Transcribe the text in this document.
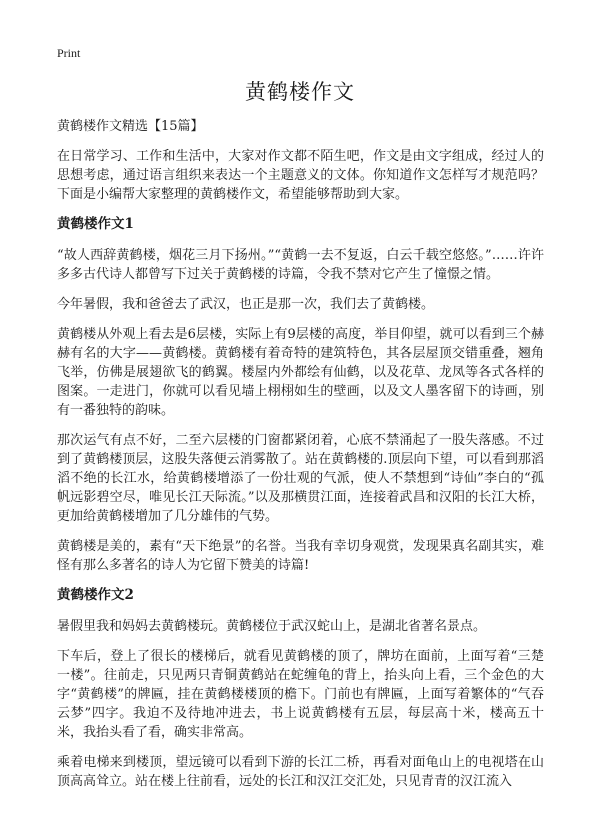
Print
黄鹤楼作文
黄鹤楼作文精选【15篇】

在日常学习、工作和生活中，大家对作文都不陌生吧，作文是由文字组成，经过人的思想考虑，通过语言组织来表达一个主题意义的文体。你知道作文怎样写才规范吗？下面是小编帮大家整理的黄鹤楼作文，希望能够帮助到大家。

黄鹤楼作文1

“故人西辞黄鹤楼，烟花三月下扬州。”“黄鹤一去不复返，白云千载空悠悠。”……许许多多古代诗人都曾写下过关于黄鹤楼的诗篇，令我不禁对它产生了憧憬之情。

今年暑假，我和爸爸去了武汉，也正是那一次，我们去了黄鹤楼。

黄鹤楼从外观上看去是6层楼，实际上有9层楼的高度，举目仰望，就可以看到三个赫赫有名的大字——黄鹤楼。黄鹤楼有着奇特的建筑特色，其各层屋顶交错重叠，翘角飞举，仿佛是展翅欲飞的鹤翼。楼屋内外都绘有仙鹤，以及花草、龙凤等各式各样的图案。一走进门，你就可以看见墙上栩栩如生的壁画，以及文人墨客留下的诗画，别有一番独特的韵味。

那次运气有点不好，二至六层楼的门窗都紧闭着，心底不禁涌起了一股失落感。不过到了黄鹤楼顶层，这股失落便云消雾散了。站在黄鹤楼的.顶层向下望，可以看到那滔滔不绝的长江水，给黄鹤楼增添了一份壮观的气派，使人不禁想到“诗仙”李白的“孤帆远影碧空尽，唯见长江天际流。”以及那横贯江面，连接着武昌和汉阳的长江大桥，更加给黄鹤楼增加了几分雄伟的气势。

黄鹤楼是美的，素有“天下绝景”的名誉。当我有幸切身观赏，发现果真名副其实，难怪有那么多著名的诗人为它留下赞美的诗篇!

黄鹤楼作文2

暑假里我和妈妈去黄鹤楼玩。黄鹤楼位于武汉蛇山上，是湖北省著名景点。

下车后，登上了很长的楼梯后，就看见黄鹤楼的顶了，牌坊在面前，上面写着“三楚一楼”。往前走，只见两只青铜黄鹤站在蛇缠龟的背上，抬头向上看，三个金色的大字“黄鹤楼”的牌匾，挂在黄鹤楼楼顶的檐下。门前也有牌匾，上面写着繁体的“气吞云梦”四字。我迫不及待地冲进去，书上说黄鹤楼有五层，每层高十米，楼高五十米，我抬头看了看，确实非常高。

乘着电梯来到楼顶，望远镜可以看到下游的长江二桥，再看对面龟山上的电视塔在山顶高高耸立。站在楼上往前看，远处的长江和汉江交汇处，只见青青的汉江流入
